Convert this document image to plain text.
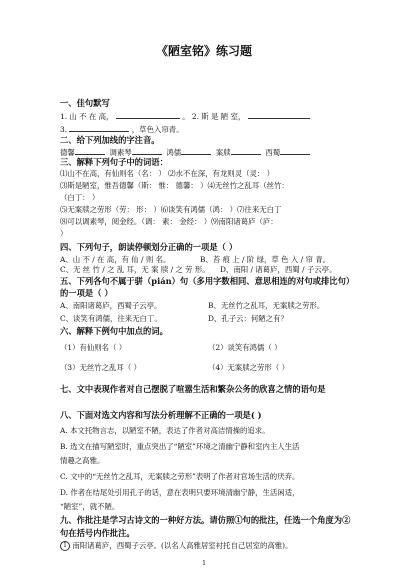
《陋室铭》练习题
一、佳句默写
1. 山 不 在 高，	。 2. 斯 是 陋 室，
3.	，草色入帘青。
二、给下列加线的字注音。
德馨	调素琴	鸿儒	案牍	西蜀
三、解释下列句子中的词语：
⑴山不在高，有仙则名（名： ） ⑵水不在深，有龙则灵（灵： ）
⑶斯是陋室，惟吾德馨（斯： 惟： 德馨： ）⑷无丝竹之乱耳（丝竹：
（白丁： ）
⑸无案牍之劳形（劳： 形： ）⑹谈笑有鸿儒（鸿： ）⑺往来无白丁
⑻可以调素琴，阅金经。（调： 素： 金经： ）⑼南阳诸葛庐（庐：
）
四、下列句子，朗读停顿划分正确的一项是（ ）
A、山 不 / 在 高，有 仙 / 则 名。	B、苔 痕 上 / 阶 绿，草 色 入 / 帘 青。
C、无 丝 竹 / 之 乱 耳，无 案 牍 / 之 劳 形。 D、南阳 / 诸葛庐，西蜀 / 子云亭。
五、下列各句不属于骈（pián）句（多用字数相同、意思相连的对句或排比句）
的一项是（ ）
A、南阳诸葛庐，西蜀子云亭。	B、无丝竹之乱耳，无案牍之劳形。
C、谈笑有鸿儒，往来无白丁。	D、孔子云：何陋之有？
六、解释下例句中加点的词。
（1）有仙则名（ ）	（2）谈笑有鸿儒（ ）
（3）无丝竹之乱耳（ ）	（4）无案牍之劳形（ ）
七、文中表现作者对自己摆脱了喧嚣生活和繁杂公务的欣喜之情的语句是
八、下面对选文内容和写法分析理解不正确的一项是( )
A. 本文托物言志，以陋室不陋，表达了作者对高洁情操的追求。
B. 选文在描写陋室时，重点突出了“陋室”环境之清幽宁静和室内主人生活
情趣之高雅。
C. 文中的“无丝竹之乱耳，无案牍之劳形”表明了作者对官场生活的厌弃。
D. 作者在结尾处引用孔子的话，意在表明只要环境清幽宁静，生活闲适，
“陋室”，就不陋。
九、作批注是学习古诗文的一种好方法。请仿照①句的批注，任选一个角度为②
句在括号内作批注。
1 南阳诸葛庐，西蜀子云亭。(以名人高雅居室衬托自己居室的高雅)。
1
